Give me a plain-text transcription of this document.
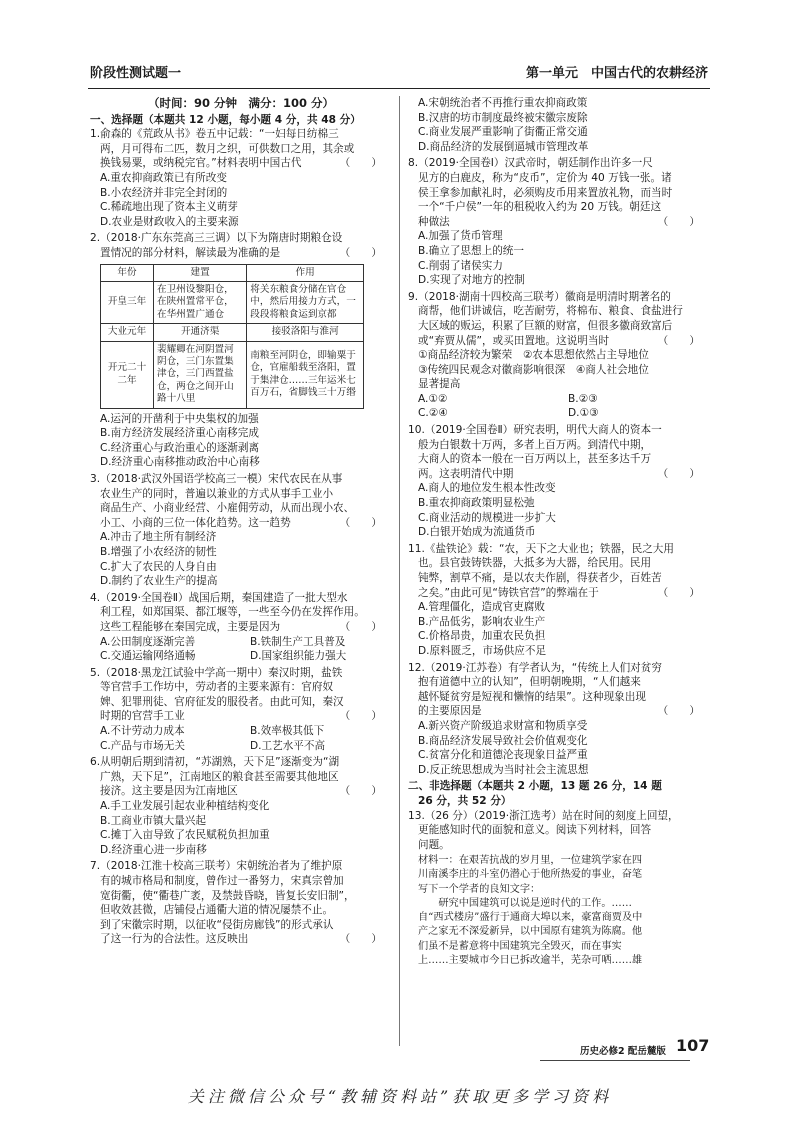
阶段性测试题一	第一单元　中国古代的农耕经济
（时间：90 分钟　满分：100 分）
一、选择题（本题共 12 小题，每小题 4 分，共 48 分）
1.俞森的《荒政从书》卷五中记载：“一妇每日纺棉三
两，月可得布二匹，数月之织，可供数口之用，其余或
换钱易粟，或纳税完官。”材料表明中国古代	（　　）
A.重农抑商政策已有所改变
B.小农经济并非完全封闭的
C.稀疏地出现了资本主义萌芽
D.农业是财政收入的主要来源
2.（2018·广东东莞高三三调）以下为隋唐时期粮仓设
置情况的部分材料，解读最为准确的是	（　　）
年份	建置	作用
开皇三年	在卫州设黎阳仓，在陕州置常平仓，在华州置广通仓	将关东粮食分储在官仓中，然后用接力方式，一段段将粮食运到京都
大业元年	开通济渠	接驳洛阳与淮河
开元二十二年	裴耀卿在河阴置河阴仓，三门东置集津仓，三门西置盐仓，两仓之间开山路十八里	南粮至河阴仓，即输粟于仓，官雇船载至洛阳，置于集津仓……三年运米七百万石，省脚钱三十万缗
A.运河的开凿利于中央集权的加强
B.南方经济发展经济重心南移完成
C.经济重心与政治重心的逐渐剥离
D.经济重心南移推动政治中心南移
3.（2018·武汉外国语学校高三一模）宋代农民在从事
农业生产的同时，普遍以兼业的方式从事手工业小
商品生产、小商业经营、小雇佣劳动，从而出现小农、
小工、小商的三位一体化趋势。这一趋势	（　　）
A.冲击了地主所有制经济
B.增强了小农经济的韧性
C.扩大了农民的人身自由
D.制约了农业生产的提高
4.（2019·全国卷Ⅱ）战国后期，秦国建造了一批大型水
利工程，如郑国渠、都江堰等，一些至今仍在发挥作用。
这些工程能够在秦国完成，主要是因为	（　　）
A.公田制度逐渐完善	B.铁制生产工具普及
C.交通运输网络通畅	D.国家组织能力强大
5.（2018·黑龙江试验中学高一期中）秦汉时期，盐铁
等官营手工作坊中，劳动者的主要来源有：官府奴
婢、犯罪刑徒、官府征发的服役者。由此可知，秦汉
时期的官营手工业	（　　）
A.不计劳动力成本	B.效率极其低下
C.产品与市场无关	D.工艺水平不高
6.从明朝后期到清初，“苏湖熟，天下足”逐渐变为“湖
广熟，天下足”，江南地区的粮食甚至需要其他地区
接济。这主要是因为江南地区	（　　）
A.手工业发展引起农业种植结构变化
B.工商业市镇大量兴起
C.摊丁入亩导致了农民赋税负担加重
D.经济重心进一步南移
7.（2018·江淮十校高三联考）宋朝统治者为了维护原
有的城市格局和制度，曾作过一番努力，宋真宗曾加
宽街衢，使“衢巷广袤，及禁鼓昏晓，皆复长安旧制”，
但收效甚微，店铺侵占通衢大道的情况屡禁不止。
到了宋徽宗时期，以征收“侵街房廊钱”的形式承认
了这一行为的合法性。这反映出	（　　）
A.宋朝统治者不再推行重农抑商政策
B.汉唐的坊市制度最终被宋徽宗废除
C.商业发展严重影响了街衢正常交通
D.商品经济的发展倒逼城市管理改革
8.（2019·全国卷Ⅰ）汉武帝时，朝廷制作出许多一尺
见方的白鹿皮，称为“皮币”，定价为 40 万钱一张。诸
侯王拿参加献礼时，必须购皮币用来置放礼物，而当时
一个“千户侯”一年的租税收入约为 20 万钱。朝廷这
种做法	（　　）
A.加强了货币管理
B.确立了思想上的统一
C.削弱了诸侯实力
D.实现了对地方的控制
9.（2018·湖南十四校高三联考）徽商是明清时期著名的
商帮，他们讲诚信，吃苦耐劳，将棉布、粮食、食盐进行
大区域的贩运，积累了巨额的财富，但很多徽商致富后
或“弃贾从儒”，或买田置地。这说明当时	（　　）
①商品经济较为繁荣　②农本思想依然占主导地位
③传统四民观念对徽商影响很深　④商人社会地位
显著提高
A.①②	B.②③
C.②④	D.①③
10.（2019·全国卷Ⅱ）研究表明，明代大商人的资本一
般为白银数十万两，多者上百万两。到清代中期，
大商人的资本一般在一百万两以上，甚至多达千万
两。这表明清代中期	（　　）
A.商人的地位发生根本性改变
B.重农抑商政策明显松弛
C.商业活动的规模进一步扩大
D.白银开始成为流通货币
11.《盐铁论》载：“农，天下之大业也；铁器，民之大用
也。县官鼓铸铁器，大抵多为大器，给民用。民用
钝弊，割草不痛，是以农夫作剧，得获者少，百姓苦
之矣。”由此可见“铸铁官营”的弊端在于	（　　）
A.管理僵化，造成官吏腐败
B.产品低劣，影响农业生产
C.价格昂贵，加重农民负担
D.原料匮乏，市场供应不足
12.（2019·江苏卷）有学者认为，“传统上人们对贫穷
抱有道德中立的认知”，但明朝晚期，“人们越来
越怀疑贫穷是短视和懒惰的结果”。这种现象出现
的主要原因是	（　　）
A.新兴资产阶级追求财富和物质享受
B.商品经济发展导致社会价值观变化
C.贫富分化和道德沦丧现象日益严重
D.反正统思想成为当时社会主流思想
二、非选择题（本题共 2 小题，13 题 26 分，14 题
26 分，共 52 分）
13.（26 分）（2019·浙江选考）站在时间的刻度上回望，
更能感知时代的面貌和意义。阅读下列材料，回答
问题。
材料一：在艰苦抗战的岁月里，一位建筑学家在四
川南溪李庄的斗室仍潜心于他所热爱的事业，奋笔
写下一个学者的良知文字：
　　研究中国建筑可以说是逆时代的工作。……
自“西式楼房”盛行于通商大埠以来，豪富商贾及中
产之家无不深爱新异，以中国原有建筑为陈腐。他
们虽不是蓄意将中国建筑完全毁灭，而在事实
上……主要城市今日已拆改逾半，芜杂可哂……雄
历史必修2 配岳麓版 107
关注微信公众号“教辅资料站”获取更多学习资料
